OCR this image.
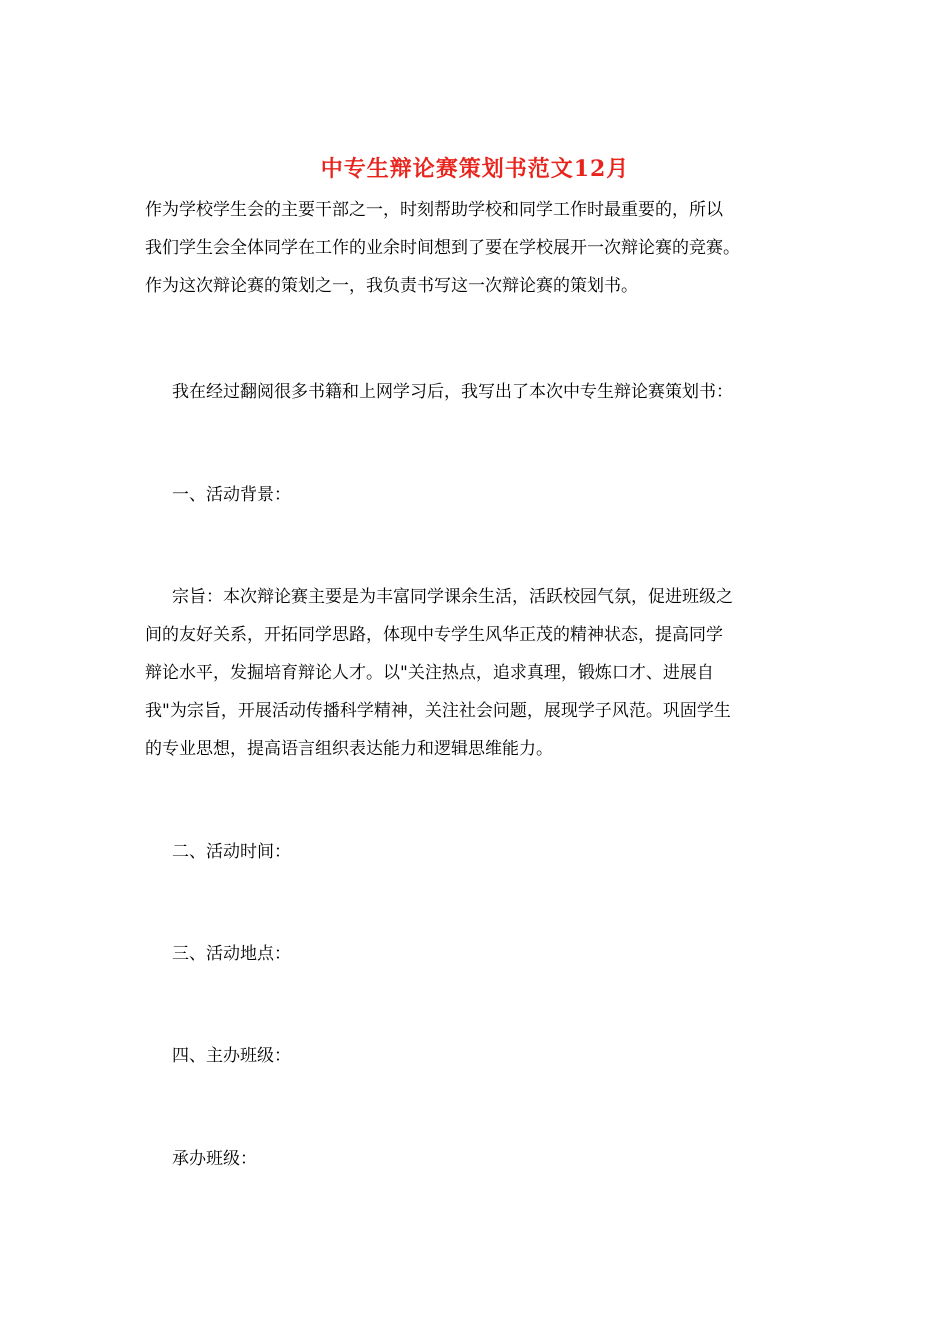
中专生辩论赛策划书范文12月
作为学校学生会的主要干部之一，时刻帮助学校和同学工作时最重要的，所以
我们学生会全体同学在工作的业余时间想到了要在学校展开一次辩论赛的竞赛。
作为这次辩论赛的策划之一，我负责书写这一次辩论赛的策划书。
我在经过翻阅很多书籍和上网学习后，我写出了本次中专生辩论赛策划书：
一、活动背景：
宗旨：本次辩论赛主要是为丰富同学课余生活，活跃校园气氛，促进班级之
间的友好关系，开拓同学思路，体现中专学生风华正茂的精神状态，提高同学
辩论水平，发掘培育辩论人才。以"关注热点，追求真理，锻炼口才、进展自
我"为宗旨，开展活动传播科学精神，关注社会问题，展现学子风范。巩固学生
的专业思想，提高语言组织表达能力和逻辑思维能力。
二、活动时间：
三、活动地点：
四、主办班级：
承办班级：
